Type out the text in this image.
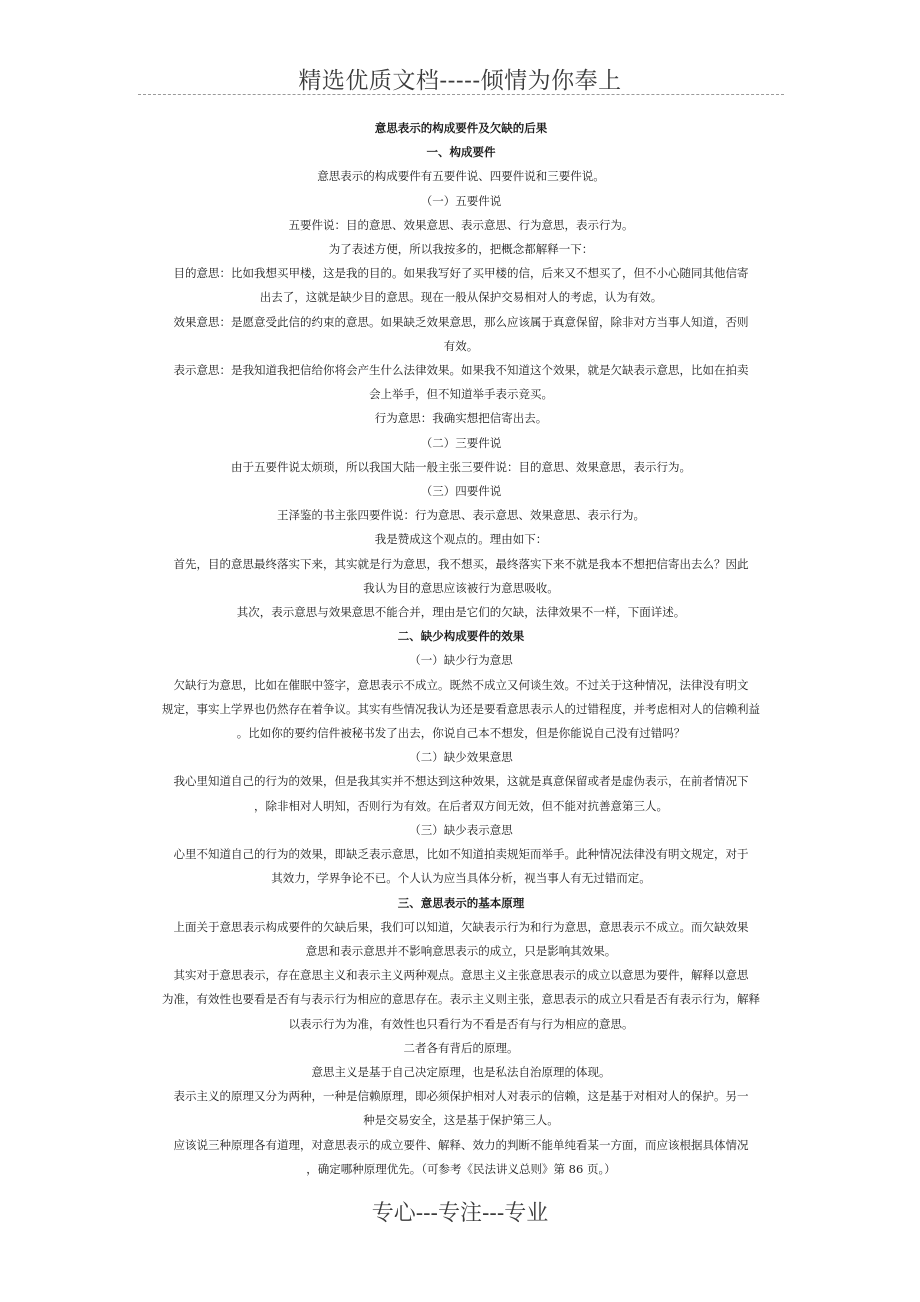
精选优质文档-----倾情为你奉上
意思表示的构成要件及欠缺的后果
一、构成要件
意思表示的构成要件有五要件说、四要件说和三要件说。
（一）五要件说
五要件说：目的意思、效果意思、表示意思、行为意思，表示行为。
为了表述方便，所以我按多的，把概念都解释一下：
目的意思：比如我想买甲楼，这是我的目的。如果我写好了买甲楼的信，后来又不想买了，但不小心随同其他信寄
出去了，这就是缺少目的意思。现在一般从保护交易相对人的考虑，认为有效。
效果意思：是愿意受此信的约束的意思。如果缺乏效果意思，那么应该属于真意保留，除非对方当事人知道，否则
有效。
表示意思：是我知道我把信给你将会产生什么法律效果。如果我不知道这个效果，就是欠缺表示意思，比如在拍卖
会上举手，但不知道举手表示竞买。
行为意思：我确实想把信寄出去。
（二）三要件说
由于五要件说太烦琐，所以我国大陆一般主张三要件说：目的意思、效果意思，表示行为。
（三）四要件说
王泽鉴的书主张四要件说：行为意思、表示意思、效果意思、表示行为。
我是赞成这个观点的。理由如下：
首先，目的意思最终落实下来，其实就是行为意思，我不想买，最终落实下来不就是我本不想把信寄出去么？因此
我认为目的意思应该被行为意思吸收。
其次，表示意思与效果意思不能合并，理由是它们的欠缺，法律效果不一样，下面详述。
二、缺少构成要件的效果
（一）缺少行为意思
欠缺行为意思，比如在催眠中签字，意思表示不成立。既然不成立又何谈生效。不过关于这种情况，法律没有明文
规定，事实上学界也仍然存在着争议。其实有些情况我认为还是要看意思表示人的过错程度，并考虑相对人的信赖利益
。比如你的要约信件被秘书发了出去，你说自己本不想发，但是你能说自己没有过错吗？
（二）缺少效果意思
我心里知道自己的行为的效果，但是我其实并不想达到这种效果，这就是真意保留或者是虚伪表示，在前者情况下
，除非相对人明知，否则行为有效。在后者双方间无效，但不能对抗善意第三人。
（三）缺少表示意思
心里不知道自己的行为的效果，即缺乏表示意思，比如不知道拍卖规矩而举手。此种情况法律没有明文规定，对于
其效力，学界争论不已。个人认为应当具体分析，视当事人有无过错而定。
三、意思表示的基本原理
上面关于意思表示构成要件的欠缺后果，我们可以知道，欠缺表示行为和行为意思，意思表示不成立。而欠缺效果
意思和表示意思并不影响意思表示的成立，只是影响其效果。
其实对于意思表示，存在意思主义和表示主义两种观点。意思主义主张意思表示的成立以意思为要件，解释以意思
为准，有效性也要看是否有与表示行为相应的意思存在。表示主义则主张，意思表示的成立只看是否有表示行为，解释
以表示行为为准，有效性也只看行为不看是否有与行为相应的意思。
二者各有背后的原理。
意思主义是基于自己决定原理，也是私法自治原理的体现。
表示主义的原理又分为两种，一种是信赖原理，即必须保护相对人对表示的信赖，这是基于对相对人的保护。另一
种是交易安全，这是基于保护第三人。
应该说三种原理各有道理，对意思表示的成立要件、解释、效力的判断不能单纯看某一方面，而应该根据具体情况
，确定哪种原理优先。（可参考《民法讲义总则》第 86 页。）
专心---专注---专业
